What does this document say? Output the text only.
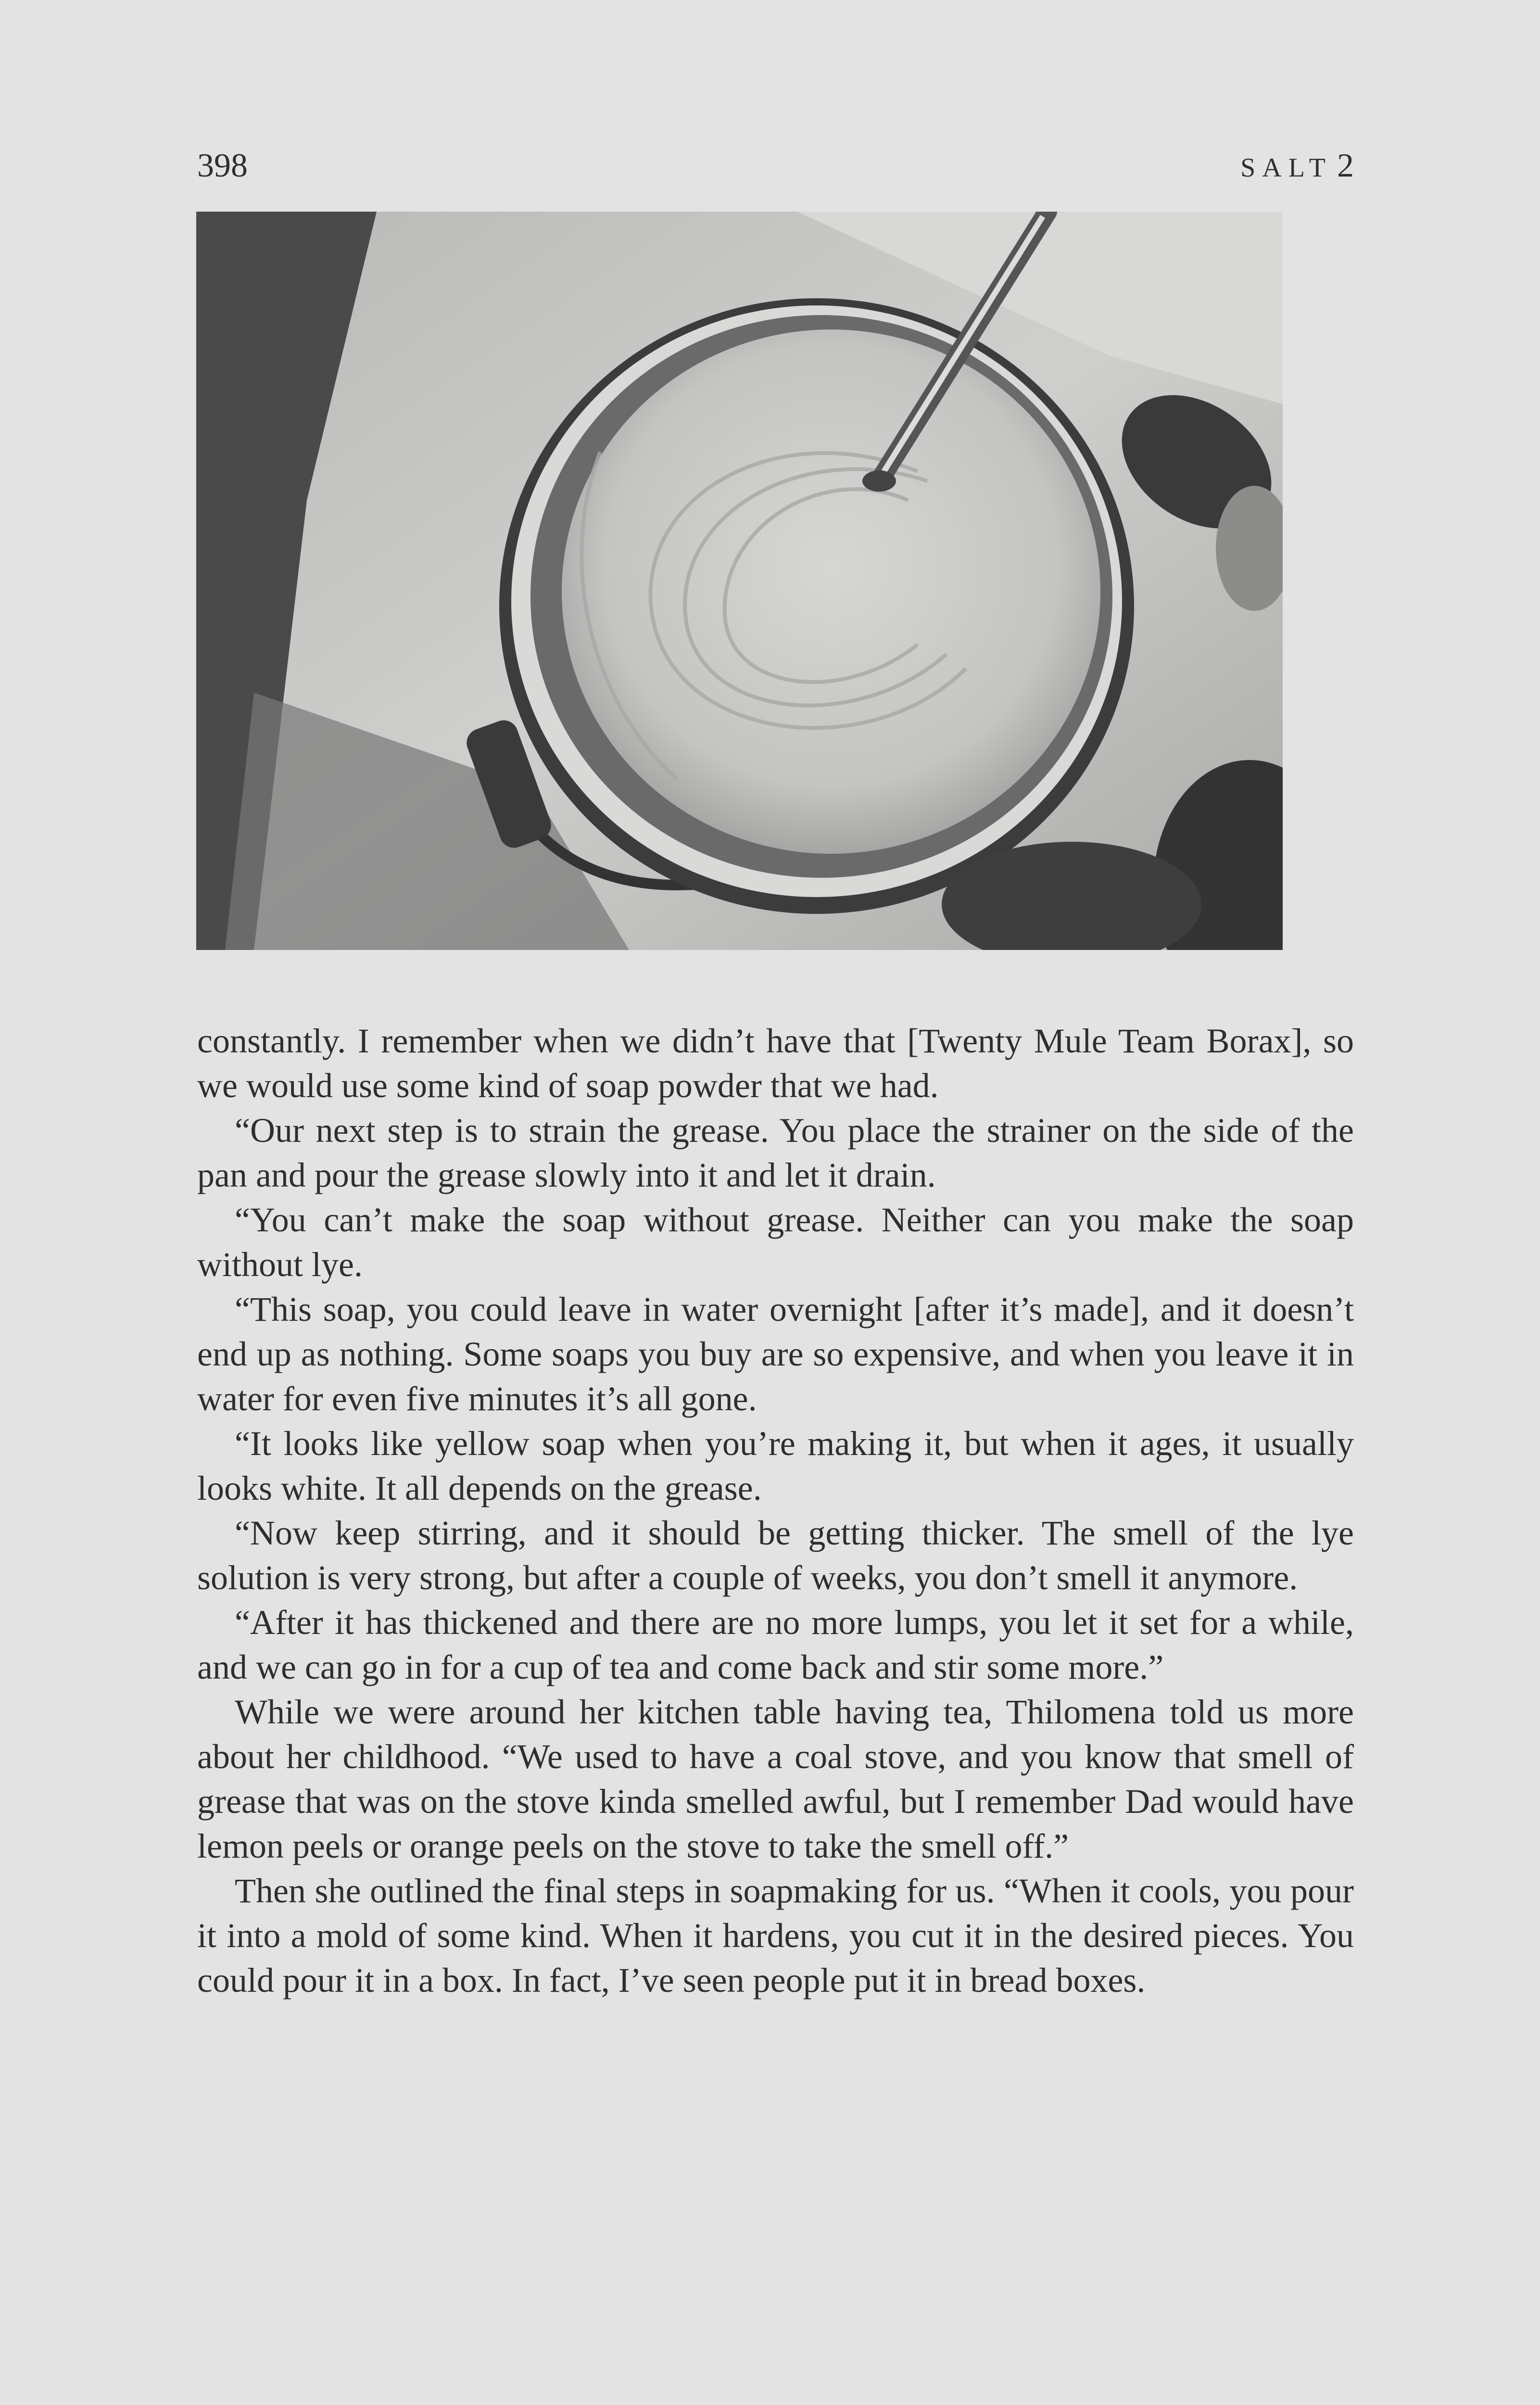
398	SALT 2

constantly. I remember when we didn’t have that [Twenty Mule Team Borax], so we would use some kind of soap powder that we had.

“Our next step is to strain the grease. You place the strainer on the side of the pan and pour the grease slowly into it and let it drain.

“You can’t make the soap without grease. Neither can you make the soap without lye.

“This soap, you could leave in water overnight [after it’s made], and it doesn’t end up as nothing. Some soaps you buy are so expensive, and when you leave it in water for even five minutes it’s all gone.

“It looks like yellow soap when you’re making it, but when it ages, it usually looks white. It all depends on the grease.

“Now keep stirring, and it should be getting thicker. The smell of the lye solution is very strong, but after a couple of weeks, you don’t smell it anymore.

“After it has thickened and there are no more lumps, you let it set for a while, and we can go in for a cup of tea and come back and stir some more.”

While we were around her kitchen table having tea, Thilomena told us more about her childhood. “We used to have a coal stove, and you know that smell of grease that was on the stove kinda smelled awful, but I remember Dad would have lemon peels or orange peels on the stove to take the smell off.”

Then she outlined the final steps in soapmaking for us. “When it cools, you pour it into a mold of some kind. When it hardens, you cut it in the desired pieces. You could pour it in a box. In fact, I’ve seen people put it in bread boxes.
